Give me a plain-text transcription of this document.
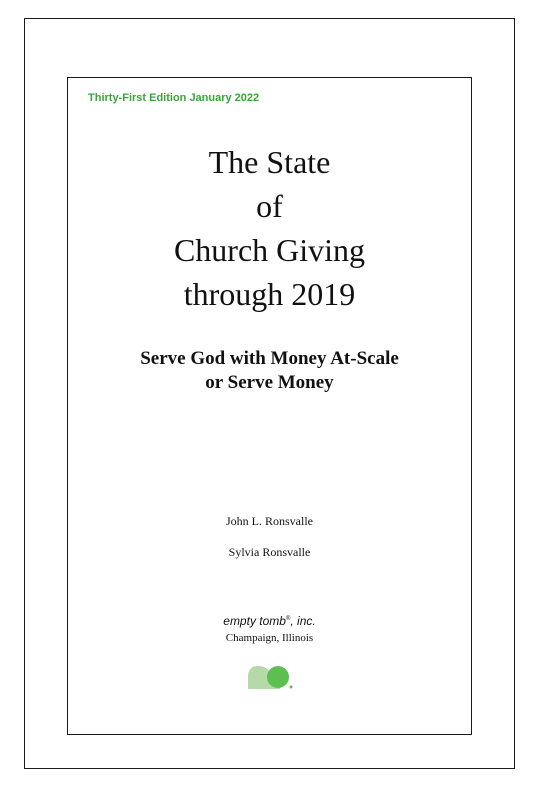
Thirty-First Edition January 2022
The State
of
Church Giving
through 2019
Serve God with Money At-Scale
or Serve Money
John L. Ronsvalle
Sylvia Ronsvalle
empty tomb®, inc.
Champaign, Illinois
